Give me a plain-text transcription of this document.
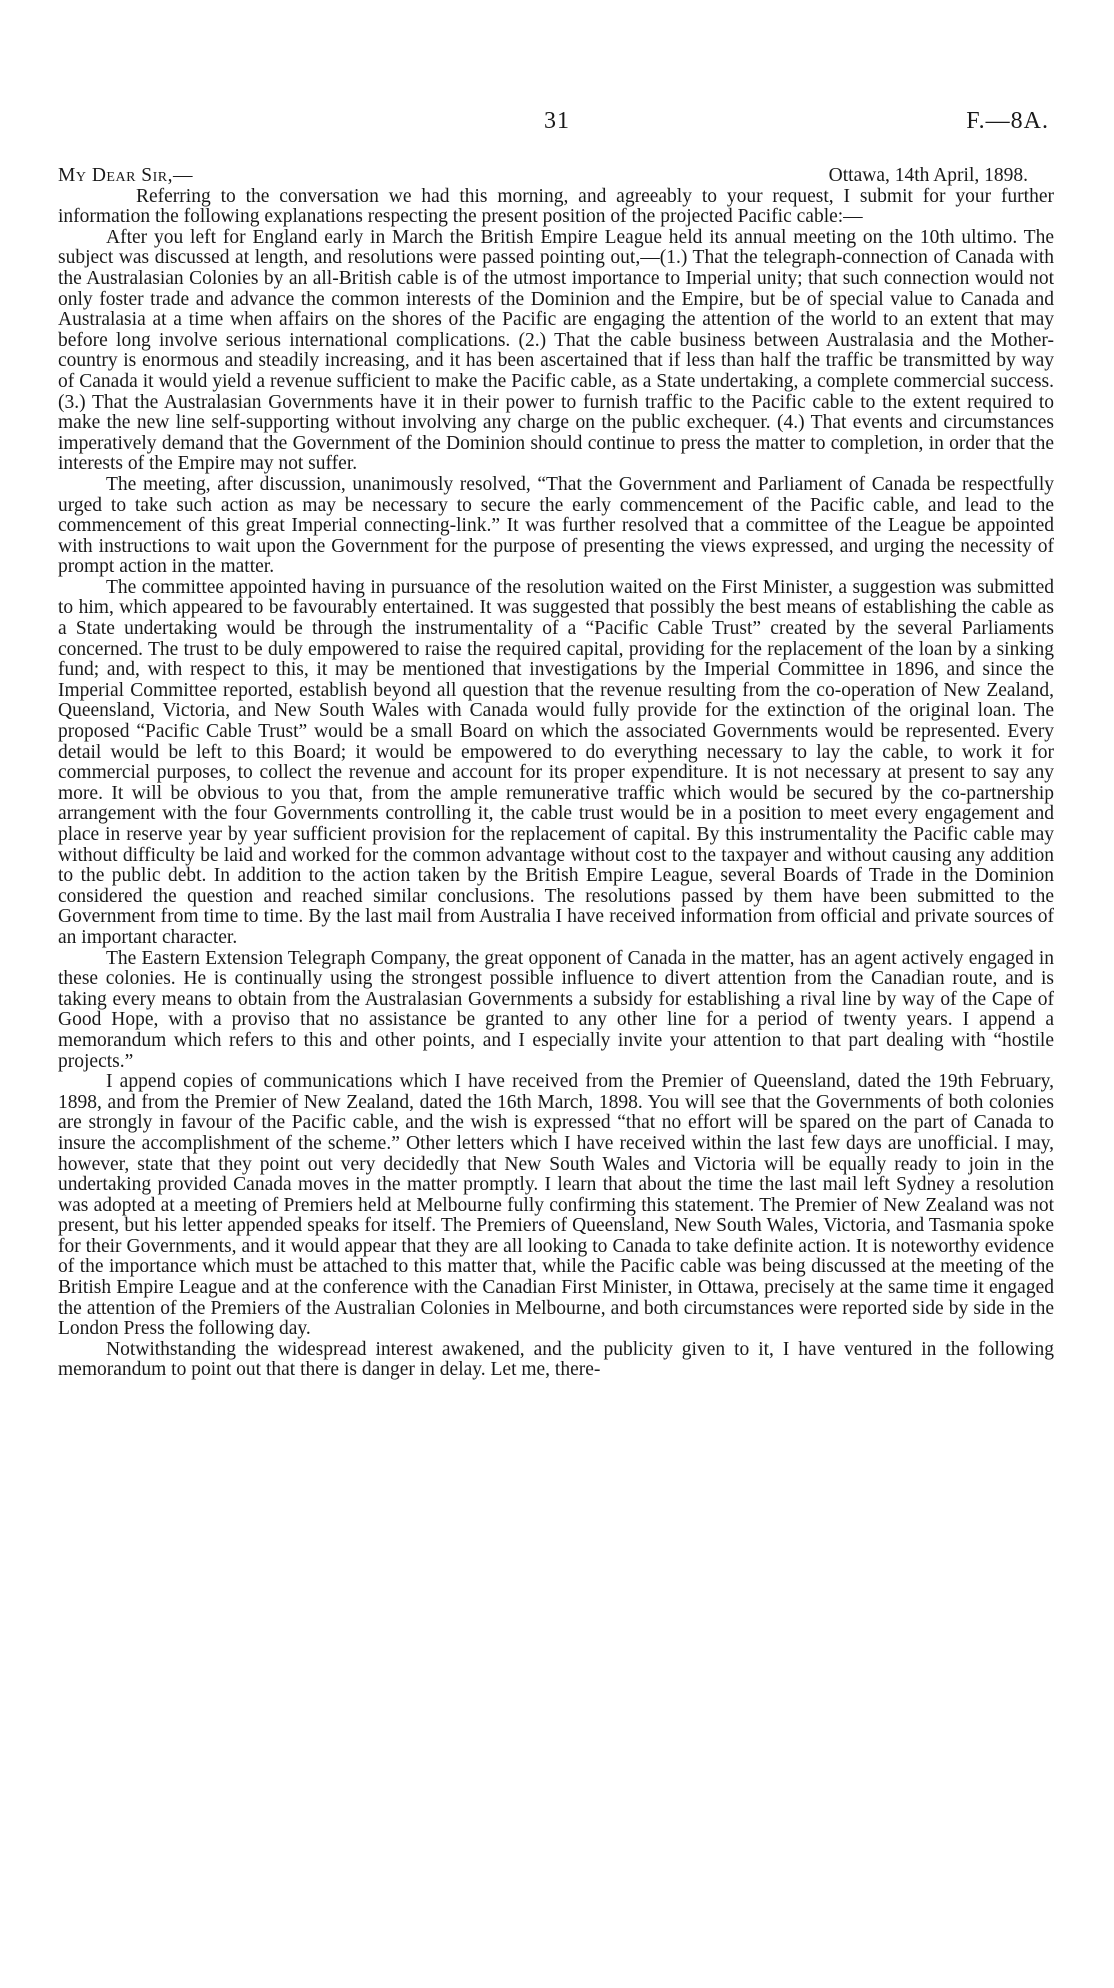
31	F.—8A.
My Dear Sir,—	Ottawa, 14th April, 1898.

Referring to the conversation we had this morning, and agreeably to your request, I submit for your further information the following explanations respecting the present position of the projected Pacific cable:—

After you left for England early in March the British Empire League held its annual meeting on the 10th ultimo. The subject was discussed at length, and resolutions were passed pointing out,—(1.) That the telegraph-connection of Canada with the Australasian Colonies by an all-British cable is of the utmost importance to Imperial unity; that such connection would not only foster trade and advance the common interests of the Dominion and the Empire, but be of special value to Canada and Australasia at a time when affairs on the shores of the Pacific are engaging the attention of the world to an extent that may before long involve serious international complications. (2.) That the cable business between Australasia and the Mother-country is enormous and steadily increasing, and it has been ascertained that if less than half the traffic be transmitted by way of Canada it would yield a revenue sufficient to make the Pacific cable, as a State undertaking, a complete commercial success. (3.) That the Australasian Governments have it in their power to furnish traffic to the Pacific cable to the extent required to make the new line self-supporting without involving any charge on the public exchequer. (4.) That events and circumstances imperatively demand that the Government of the Dominion should continue to press the matter to completion, in order that the interests of the Empire may not suffer.

The meeting, after discussion, unanimously resolved, “That the Government and Parliament of Canada be respectfully urged to take such action as may be necessary to secure the early commencement of the Pacific cable, and lead to the commencement of this great Imperial connecting-link.” It was further resolved that a committee of the League be appointed with instructions to wait upon the Government for the purpose of presenting the views expressed, and urging the necessity of prompt action in the matter.

The committee appointed having in pursuance of the resolution waited on the First Minister, a suggestion was submitted to him, which appeared to be favourably entertained. It was suggested that possibly the best means of establishing the cable as a State undertaking would be through the instrumentality of a “Pacific Cable Trust” created by the several Parliaments concerned. The trust to be duly empowered to raise the required capital, providing for the replacement of the loan by a sinking fund; and, with respect to this, it may be mentioned that investigations by the Imperial Committee in 1896, and since the Imperial Committee reported, establish beyond all question that the revenue resulting from the co-operation of New Zealand, Queensland, Victoria, and New South Wales with Canada would fully provide for the extinction of the original loan. The proposed “Pacific Cable Trust” would be a small Board on which the associated Governments would be represented. Every detail would be left to this Board; it would be empowered to do everything necessary to lay the cable, to work it for commercial purposes, to collect the revenue and account for its proper expenditure. It is not necessary at present to say any more. It will be obvious to you that, from the ample remunerative traffic which would be secured by the co-partnership arrangement with the four Governments controlling it, the cable trust would be in a position to meet every engagement and place in reserve year by year sufficient provision for the replacement of capital. By this instrumentality the Pacific cable may without difficulty be laid and worked for the common advantage without cost to the taxpayer and without causing any addition to the public debt. In addition to the action taken by the British Empire League, several Boards of Trade in the Dominion considered the question and reached similar conclusions. The resolutions passed by them have been submitted to the Government from time to time. By the last mail from Australia I have received information from official and private sources of an important character.

The Eastern Extension Telegraph Company, the great opponent of Canada in the matter, has an agent actively engaged in these colonies. He is continually using the strongest possible influence to divert attention from the Canadian route, and is taking every means to obtain from the Australasian Governments a subsidy for establishing a rival line by way of the Cape of Good Hope, with a proviso that no assistance be granted to any other line for a period of twenty years. I append a memorandum which refers to this and other points, and I especially invite your attention to that part dealing with “hostile projects.”

I append copies of communications which I have received from the Premier of Queensland, dated the 19th February, 1898, and from the Premier of New Zealand, dated the 16th March, 1898. You will see that the Governments of both colonies are strongly in favour of the Pacific cable, and the wish is expressed “that no effort will be spared on the part of Canada to insure the accomplishment of the scheme.” Other letters which I have received within the last few days are unofficial. I may, however, state that they point out very decidedly that New South Wales and Victoria will be equally ready to join in the undertaking provided Canada moves in the matter promptly. I learn that about the time the last mail left Sydney a resolution was adopted at a meeting of Premiers held at Melbourne fully confirming this statement. The Premier of New Zealand was not present, but his letter appended speaks for itself. The Premiers of Queensland, New South Wales, Victoria, and Tasmania spoke for their Governments, and it would appear that they are all looking to Canada to take definite action. It is noteworthy evidence of the importance which must be attached to this matter that, while the Pacific cable was being discussed at the meeting of the British Empire League and at the conference with the Canadian First Minister, in Ottawa, precisely at the same time it engaged the attention of the Premiers of the Australian Colonies in Melbourne, and both circumstances were reported side by side in the London Press the following day.

Notwithstanding the widespread interest awakened, and the publicity given to it, I have ventured in the following memorandum to point out that there is danger in delay. Let me, there-
